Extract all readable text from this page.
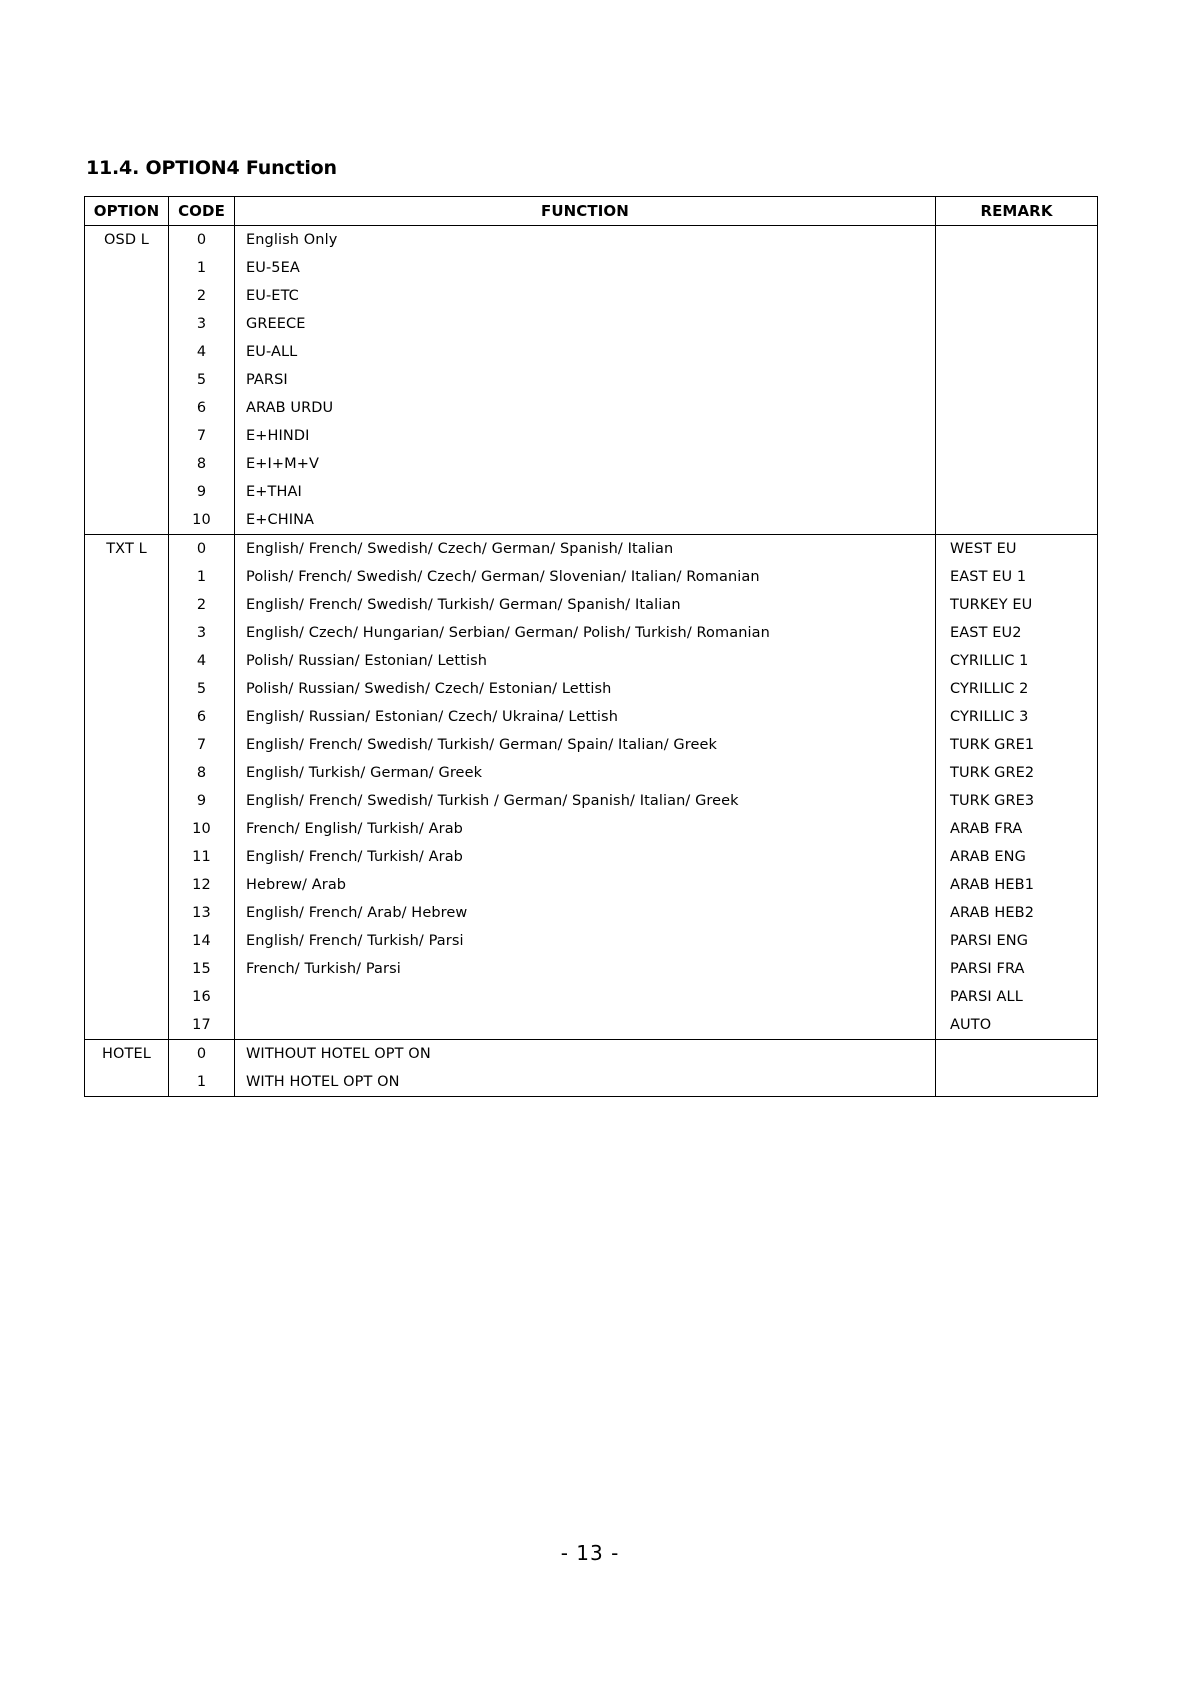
11.4. OPTION4 Function
OPTION	CODE	FUNCTION	REMARK
OSD L	0	English Only	
	1	EU-5EA	
	2	EU-ETC	
	3	GREECE	
	4	EU-ALL	
	5	PARSI	
	6	ARAB URDU	
	7	E+HINDI	
	8	E+I+M+V	
	9	E+THAI	
	10	E+CHINA	
TXT L	0	English/ French/ Swedish/ Czech/ German/ Spanish/ Italian	WEST EU
	1	Polish/ French/ Swedish/ Czech/ German/ Slovenian/ Italian/ Romanian	EAST EU 1
	2	English/ French/ Swedish/ Turkish/ German/ Spanish/ Italian	TURKEY EU
	3	English/ Czech/ Hungarian/ Serbian/ German/ Polish/ Turkish/ Romanian	EAST EU2
	4	Polish/ Russian/ Estonian/ Lettish	CYRILLIC 1
	5	Polish/ Russian/ Swedish/ Czech/ Estonian/ Lettish	CYRILLIC 2
	6	English/ Russian/ Estonian/ Czech/ Ukraina/ Lettish	CYRILLIC 3
	7	English/ French/ Swedish/ Turkish/ German/ Spain/ Italian/ Greek	TURK GRE1
	8	English/ Turkish/ German/ Greek	TURK GRE2
	9	English/ French/ Swedish/ Turkish / German/ Spanish/ Italian/ Greek	TURK GRE3
	10	French/ English/ Turkish/ Arab	ARAB FRA
	11	English/ French/ Turkish/ Arab	ARAB ENG
	12	Hebrew/ Arab	ARAB HEB1
	13	English/ French/ Arab/ Hebrew	ARAB HEB2
	14	English/ French/ Turkish/ Parsi	PARSI ENG
	15	French/ Turkish/ Parsi	PARSI FRA
	16		PARSI ALL
	17		AUTO
HOTEL	0	WITHOUT HOTEL OPT ON	
	1	WITH HOTEL OPT ON	

- 13 -
